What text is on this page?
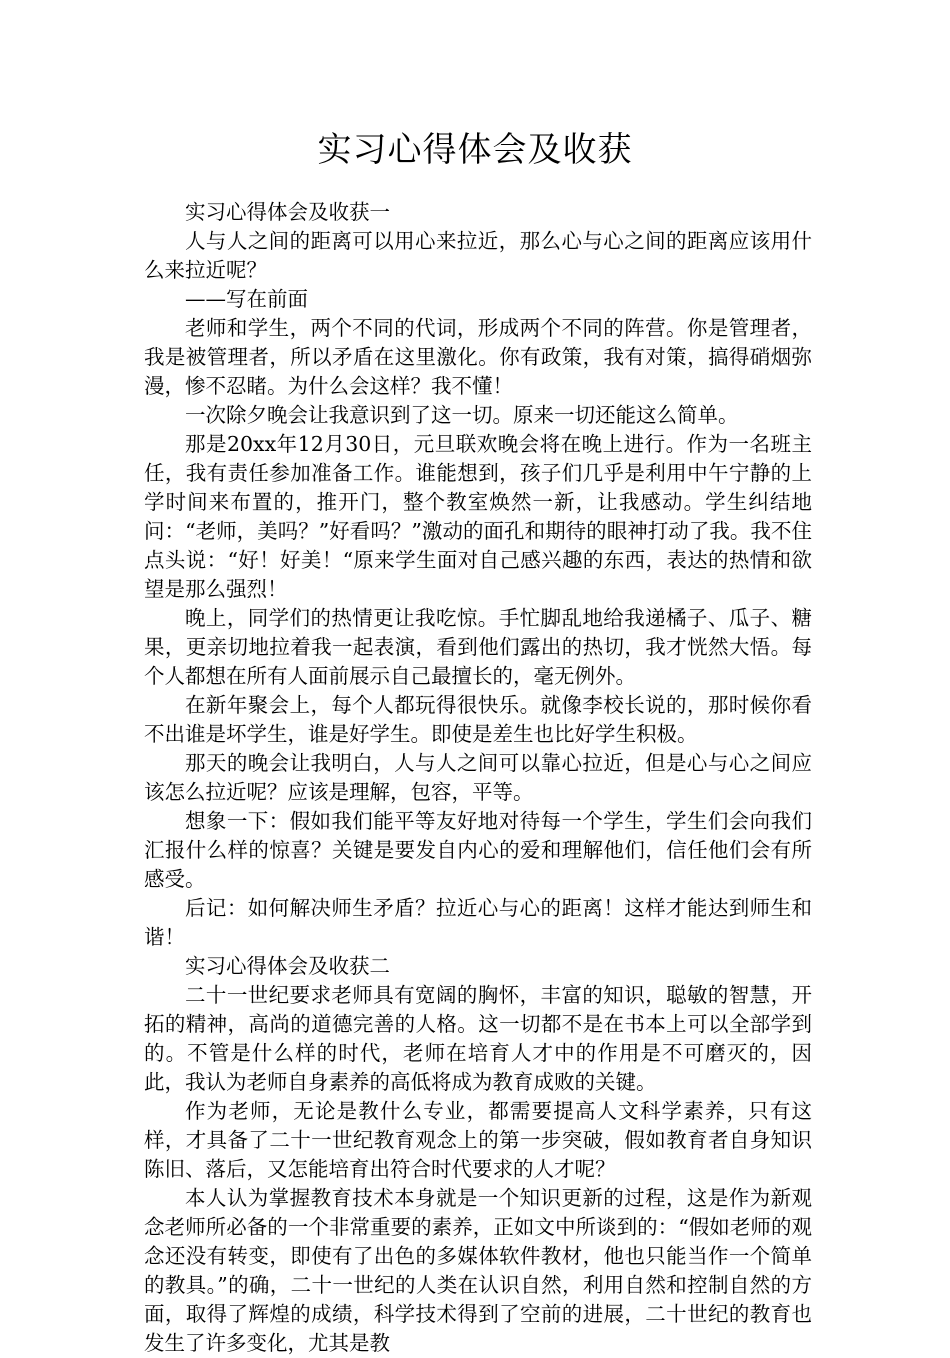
实习心得体会及收获

实习心得体会及收获一

人与人之间的距离可以用心来拉近，那么心与心之间的距离应该用什么来拉近呢？

——写在前面

老师和学生，两个不同的代词，形成两个不同的阵营。你是管理者，我是被管理者，所以矛盾在这里激化。你有政策，我有对策，搞得硝烟弥漫，惨不忍睹。为什么会这样？我不懂！

一次除夕晚会让我意识到了这一切。原来一切还能这么简单。

那是20xx年12月30日，元旦联欢晚会将在晚上进行。作为一名班主任，我有责任参加准备工作。谁能想到，孩子们几乎是利用中午宁静的上学时间来布置的，推开门，整个教室焕然一新，让我感动。学生纠结地问：“老师，美吗？”好看吗？”激动的面孔和期待的眼神打动了我。我不住点头说：“好！好美！“原来学生面对自己感兴趣的东西，表达的热情和欲望是那么强烈！

晚上，同学们的热情更让我吃惊。手忙脚乱地给我递橘子、瓜子、糖果，更亲切地拉着我一起表演，看到他们露出的热切，我才恍然大悟。每个人都想在所有人面前展示自己最擅长的，毫无例外。

在新年聚会上，每个人都玩得很快乐。就像李校长说的，那时候你看不出谁是坏学生，谁是好学生。即使是差生也比好学生积极。

那天的晚会让我明白，人与人之间可以靠心拉近，但是心与心之间应该怎么拉近呢？应该是理解，包容，平等。

想象一下：假如我们能平等友好地对待每一个学生，学生们会向我们汇报什么样的惊喜？关键是要发自内心的爱和理解他们，信任他们会有所感受。

后记：如何解决师生矛盾？拉近心与心的距离！这样才能达到师生和谐！

实习心得体会及收获二

二十一世纪要求老师具有宽阔的胸怀，丰富的知识，聪敏的智慧，开拓的精神，高尚的道德完善的人格。这一切都不是在书本上可以全部学到的。不管是什么样的时代，老师在培育人才中的作用是不可磨灭的，因此，我认为老师自身素养的高低将成为教育成败的关键。

作为老师，无论是教什么专业，都需要提高人文科学素养，只有这样，才具备了二十一世纪教育观念上的第一步突破，假如教育者自身知识陈旧、落后，又怎能培育出符合时代要求的人才呢？

本人认为掌握教育技术本身就是一个知识更新的过程，这是作为新观念老师所必备的一个非常重要的素养，正如文中所谈到的：“假如老师的观念还没有转变，即使有了出色的多媒体软件教材，他也只能当作一个简单的教具。”的确，二十一世纪的人类在认识自然，利用自然和控制自然的方面，取得了辉煌的成绩，科学技术得到了空前的进展，二十世纪的教育也发生了许多变化，尤其是教
